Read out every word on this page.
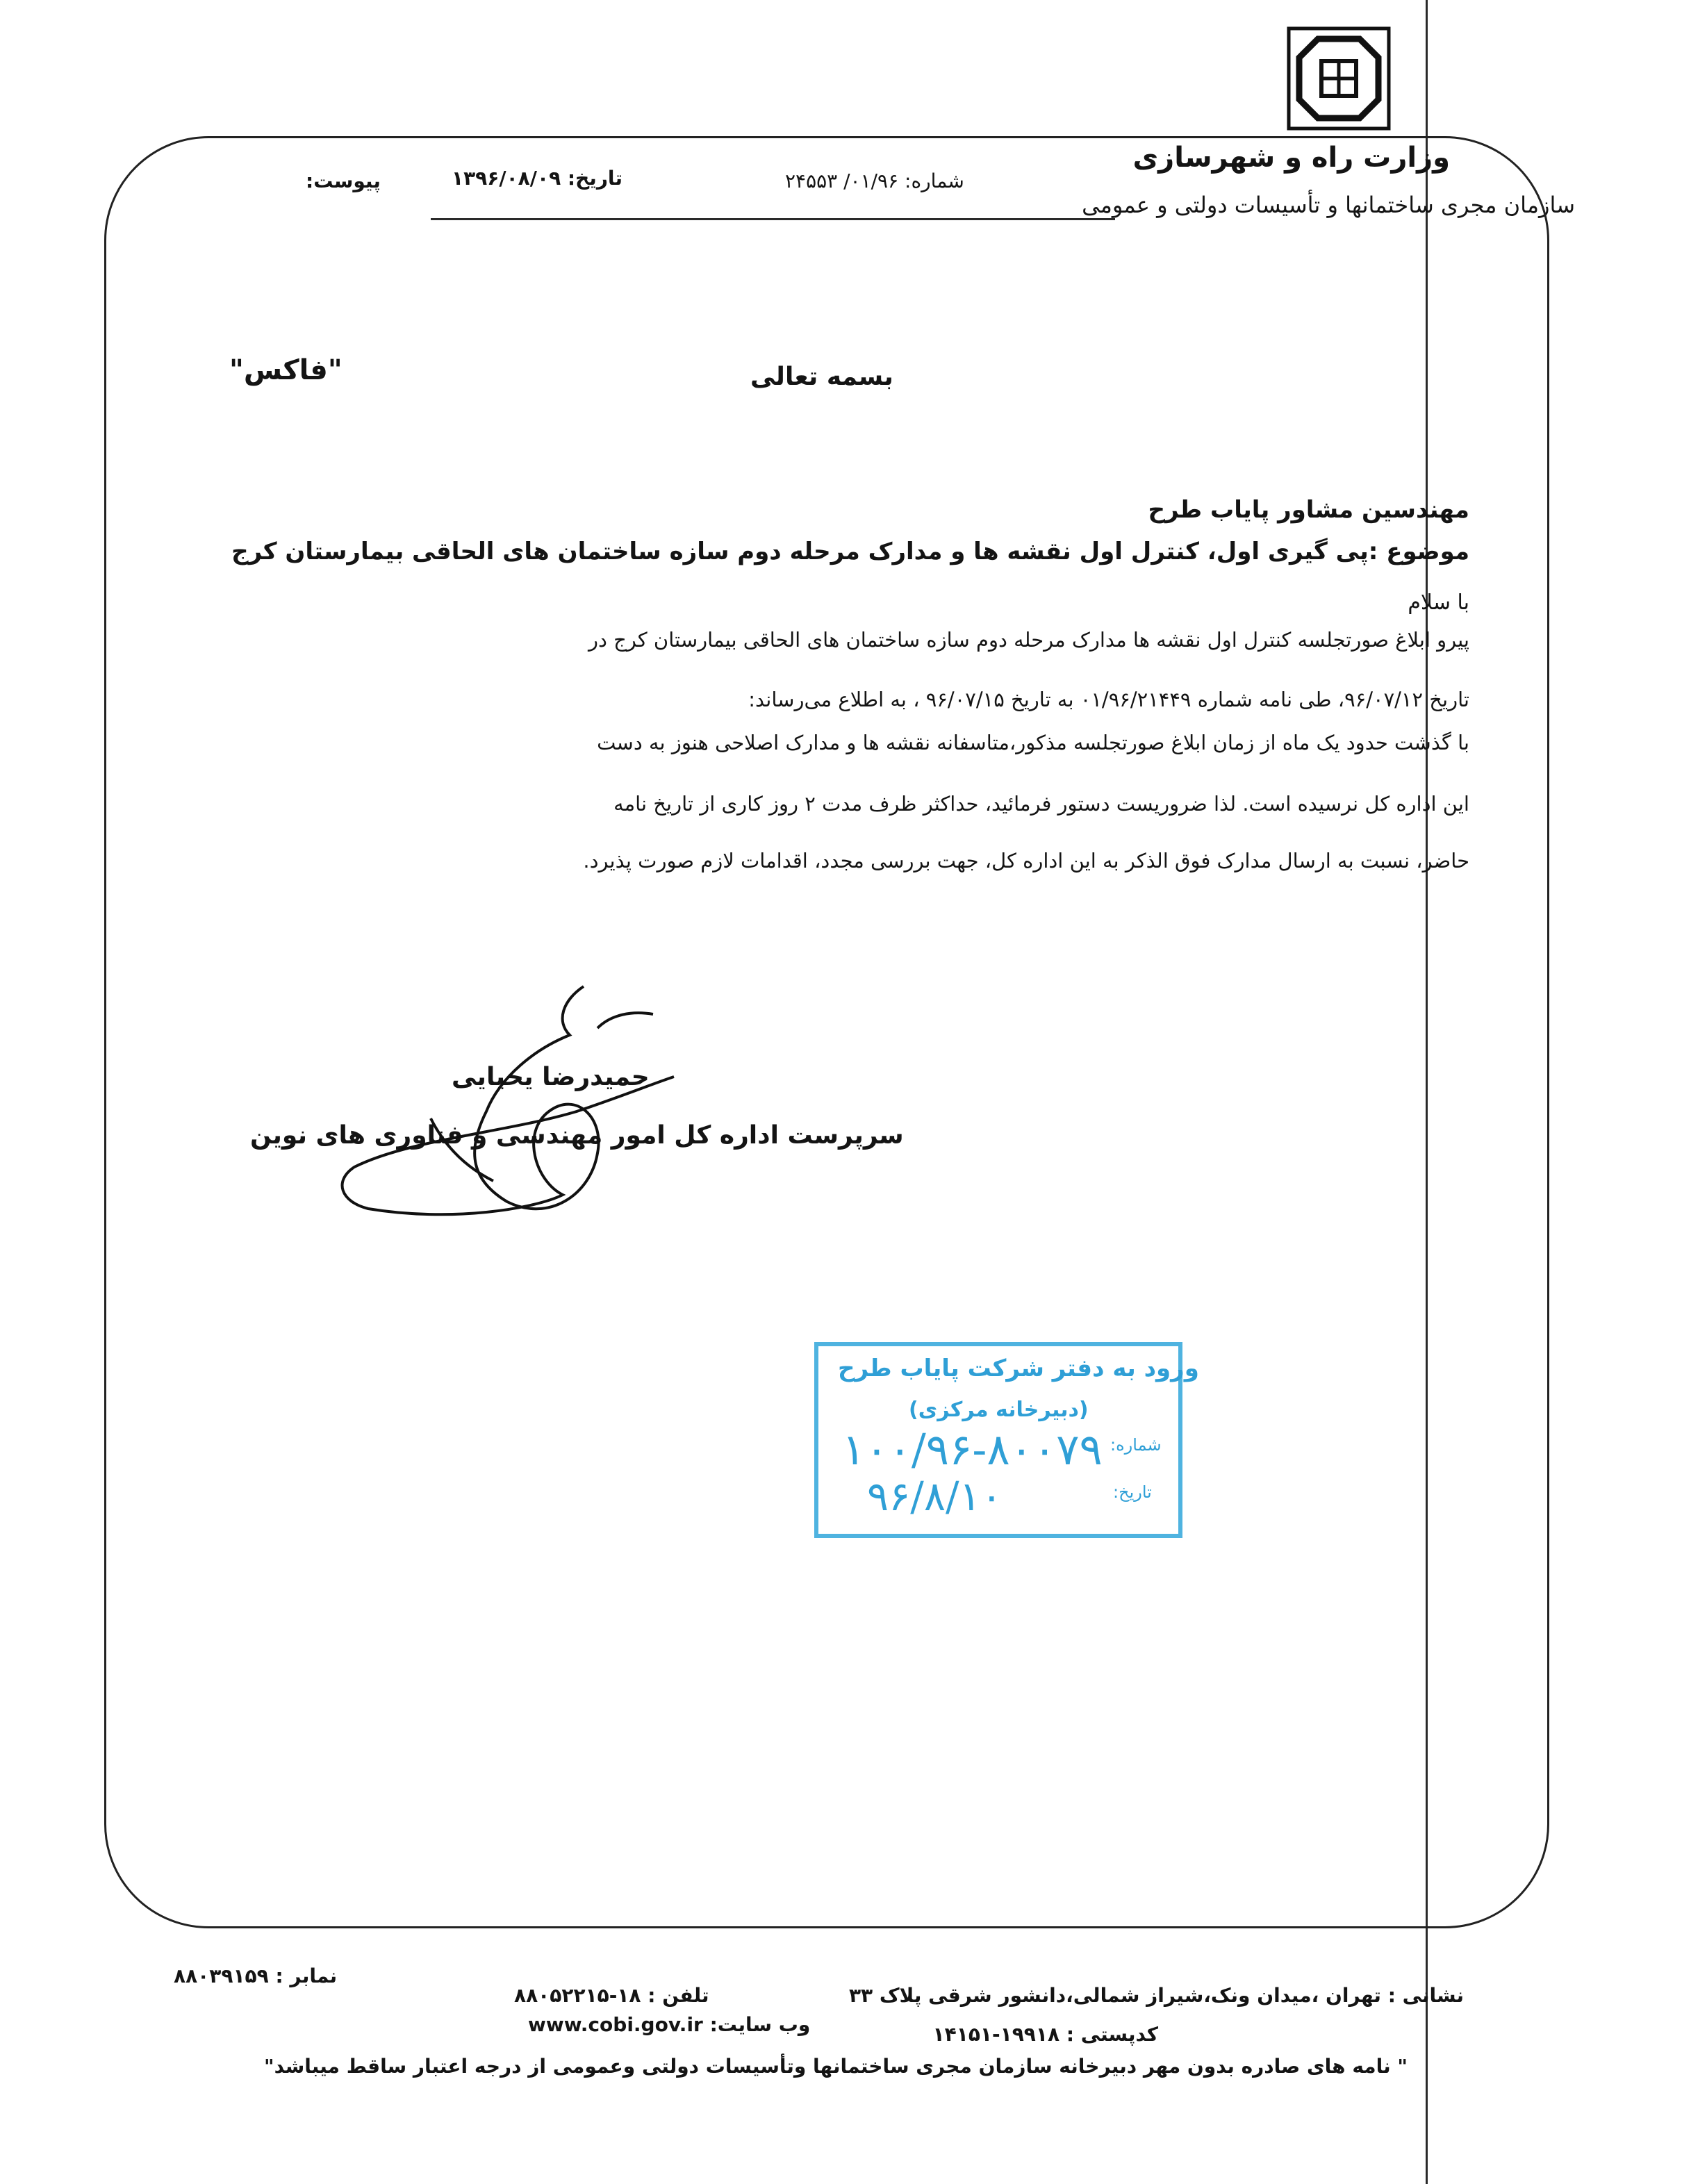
وزارت راه و شهرسازی
سازمان مجری ساختمانها و تأسیسات دولتی و عمومی
شماره: ۰۱/۹۶/ ۲۴۵۵۳
تاریخ: ۱۳۹۶/۰۸/۰۹
پیوست:
بسمه تعالی
"فاکس"
مهندسین مشاور پایاب طرح
موضوع :پی گیری اول، کنترل اول نقشه ها و مدارک مرحله دوم سازه ساختمان های الحاقی بیمارستان کرج
با سلام
پیرو ابلاغ صورتجلسه کنترل اول نقشه ها مدارک مرحله دوم سازه ساختمان های الحاقی بیمارستان کرج در
تاریخ ۹۶/۰۷/۱۲، طی نامه شماره ۰۱/۹۶/۲۱۴۴۹ به تاریخ ۹۶/۰۷/۱۵ ، به اطلاع می‌رساند:
با گذشت حدود یک ماه از زمان ابلاغ صورتجلسه مذکور،متاسفانه نقشه ها و مدارک اصلاحی هنوز به دست
این اداره کل نرسیده است. لذا ضروریست دستور فرمائید، حداکثر ظرف مدت ۲ روز کاری از تاریخ نامه
حاضر، نسبت به ارسال مدارک فوق الذکر به این اداره کل، جهت بررسی مجدد، اقدامات لازم صورت پذیرد.
حمیدرضا یحیایی
سرپرست اداره کل امور مهندسی و فناوری های نوین
ورود به دفتر شرکت پایاب طرح
(دبیرخانه مرکزی)
شماره:
تاریخ:
۱۰۰/۹۶-۸۰۰۷۹
۹۶/۸/۱۰
نمابر : ۸۸۰۳۹۱۵۹
تلفن : ۱۸-۸۸۰۵۲۲۱۵	نشانی : تهران ،میدان ونک،شیراز شمالی،دانشور شرقی پلاک ۳۳
وب سایت: www.cobi.gov.ir	کدپستی : ۱۹۹۱۸-۱۴۱۵۱
" نامه های صادره بدون مهر دبیرخانه سازمان مجری ساختمانها وتأسیسات دولتی وعمومی از درجه اعتبار ساقط میباشد"
